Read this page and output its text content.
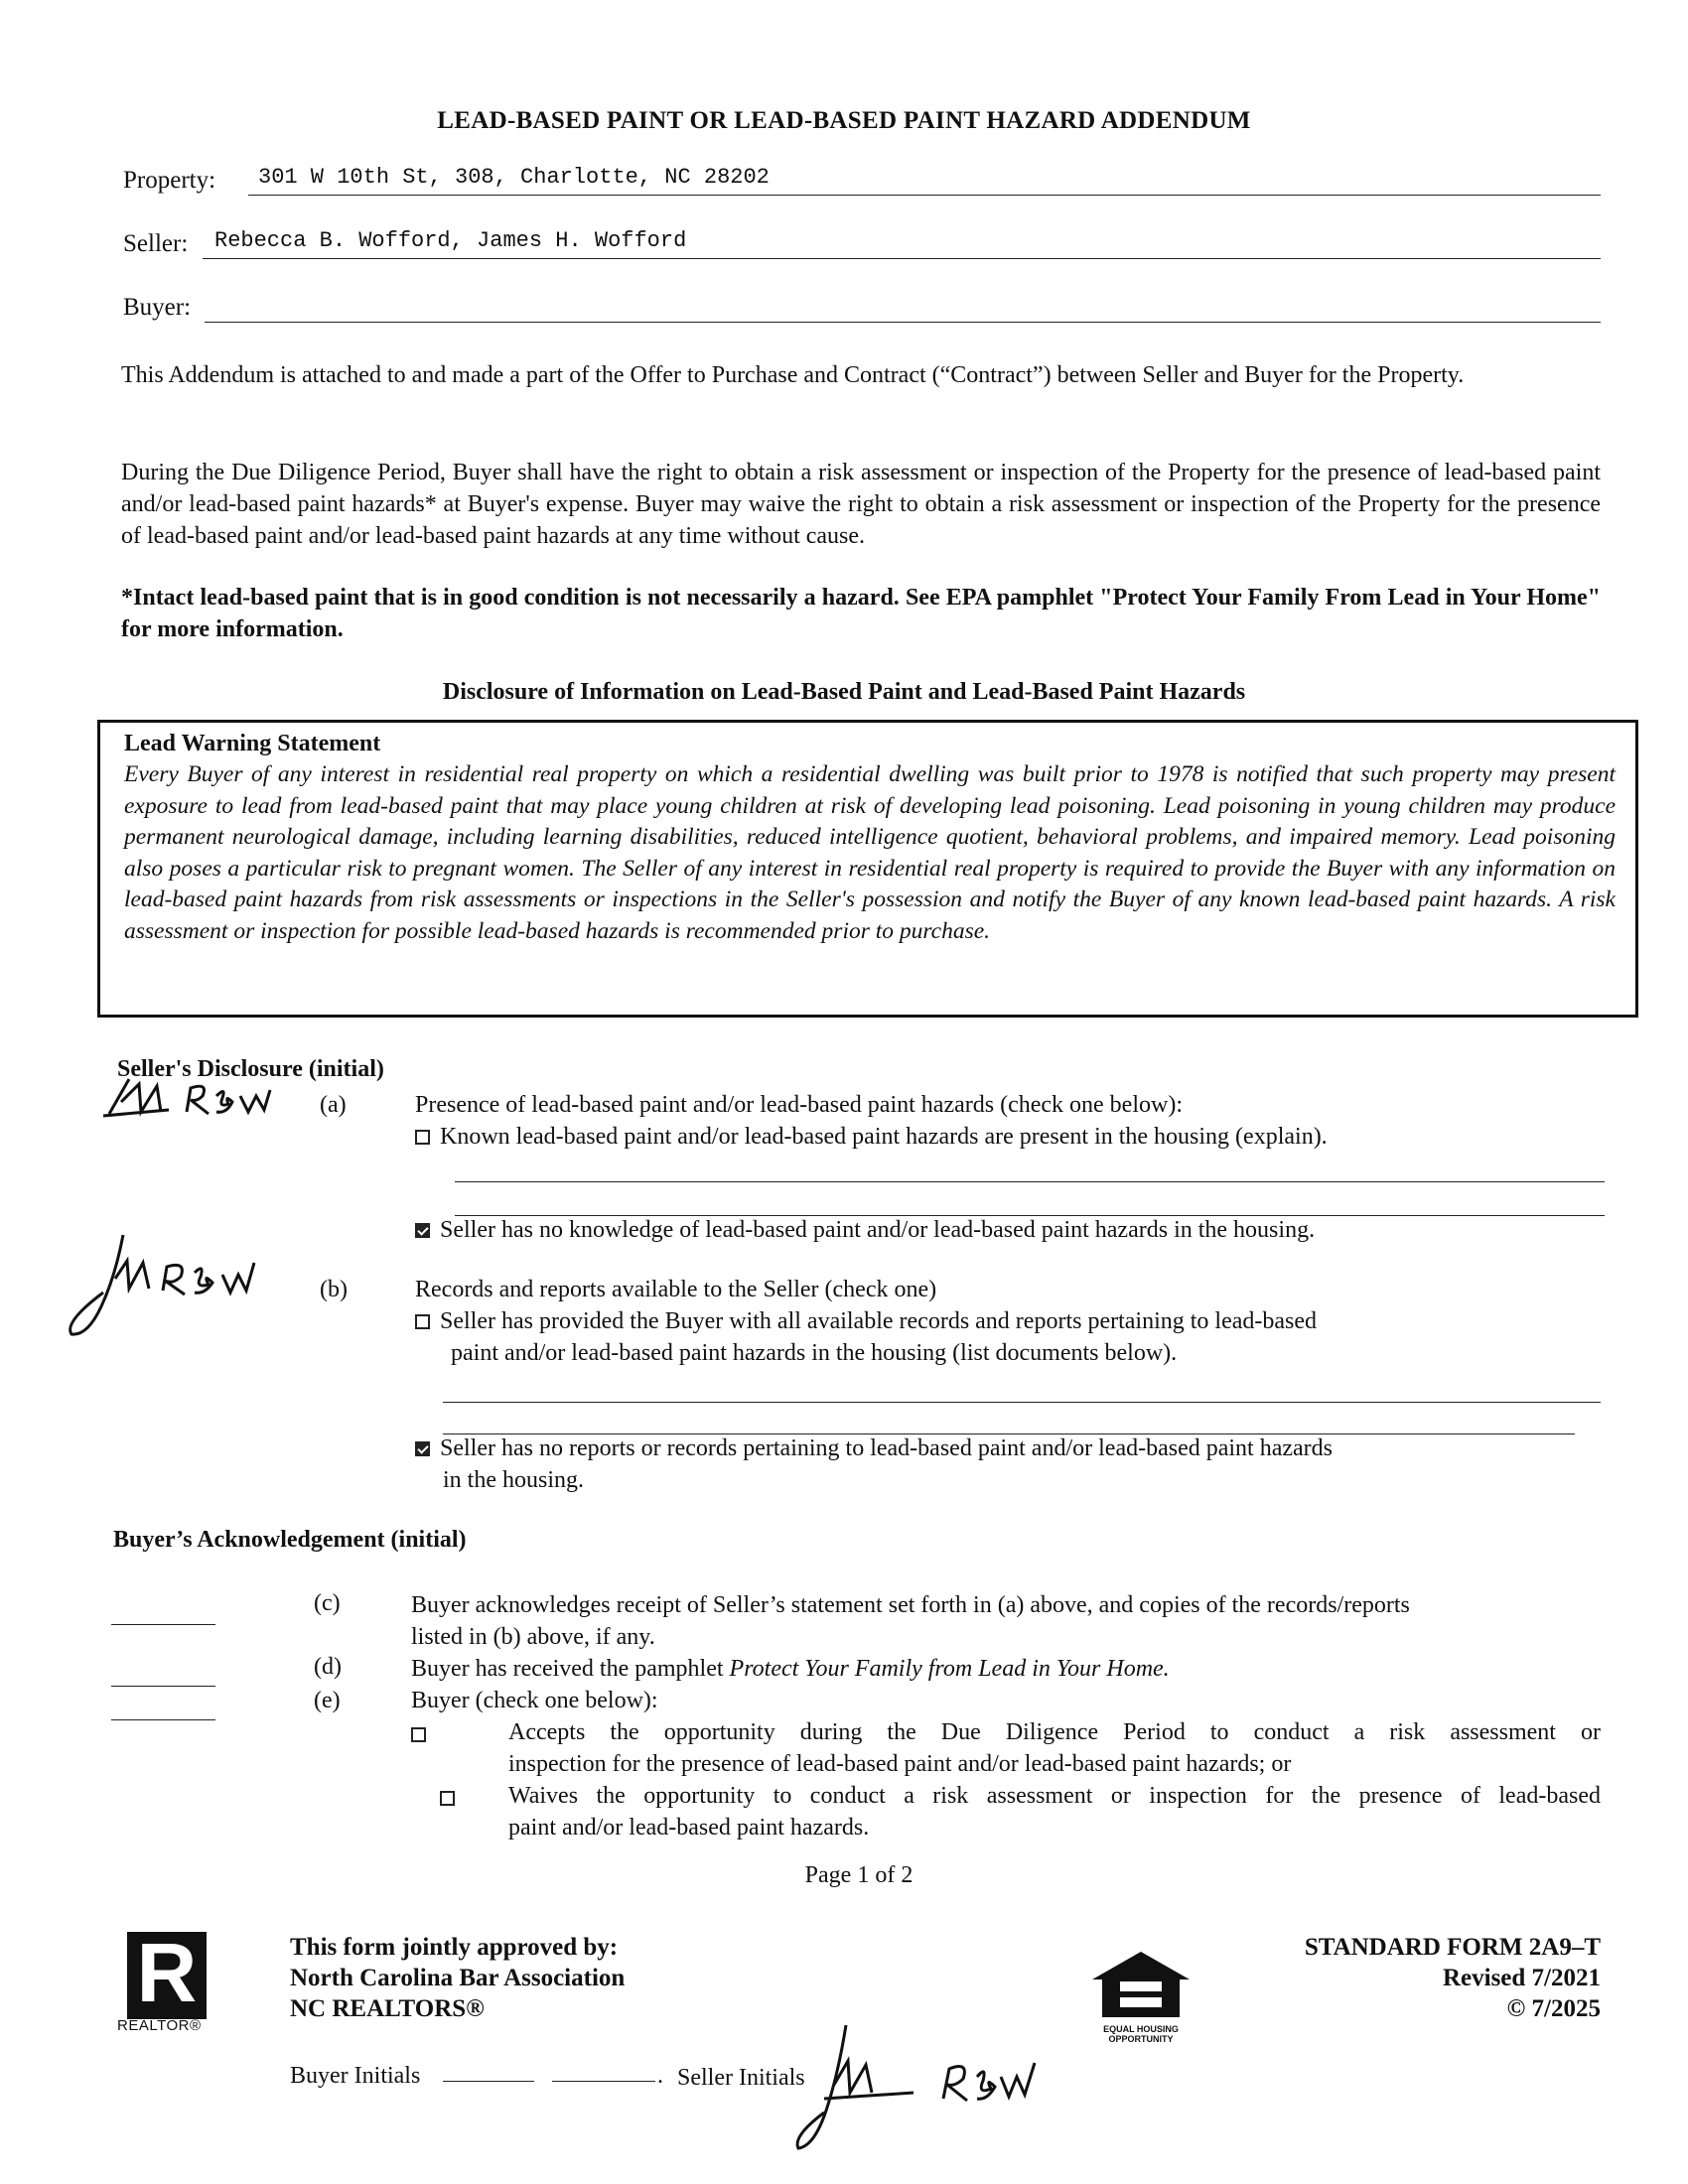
LEAD-BASED PAINT OR LEAD-BASED PAINT HAZARD ADDENDUM
Property: 301 W 10th St, 308, Charlotte, NC 28202
Seller: Rebecca B. Wofford, James H. Wofford
Buyer:
This Addendum is attached to and made a part of the Offer to Purchase and Contract (“Contract”) between Seller and Buyer for the Property.
During the Due Diligence Period, Buyer shall have the right to obtain a risk assessment or inspection of the Property for the presence of lead-based paint and/or lead-based paint hazards* at Buyer's expense. Buyer may waive the right to obtain a risk assessment or inspection of the Property for the presence of lead-based paint and/or lead-based paint hazards at any time without cause.
*Intact lead-based paint that is in good condition is not necessarily a hazard. See EPA pamphlet "Protect Your Family From Lead in Your Home" for more information.
Disclosure of Information on Lead-Based Paint and Lead-Based Paint Hazards
Lead Warning Statement
Every Buyer of any interest in residential real property on which a residential dwelling was built prior to 1978 is notified that such property may present exposure to lead from lead-based paint that may place young children at risk of developing lead poisoning. Lead poisoning in young children may produce permanent neurological damage, including learning disabilities, reduced intelligence quotient, behavioral problems, and impaired memory. Lead poisoning also poses a particular risk to pregnant women. The Seller of any interest in residential real property is required to provide the Buyer with any information on lead-based paint hazards from risk assessments or inspections in the Seller's possession and notify the Buyer of any known lead-based paint hazards. A risk assessment or inspection for possible lead-based hazards is recommended prior to purchase.
Seller's Disclosure (initial)
JHW RBW
(a)	Presence of lead-based paint and/or lead-based paint hazards (check one below):
Known lead-based paint and/or lead-based paint hazards are present in the housing (explain).
Seller has no knowledge of lead-based paint and/or lead-based paint hazards in the housing.
JHW RBW
(b)	Records and reports available to the Seller (check one)
Seller has provided the Buyer with all available records and reports pertaining to lead-based
paint and/or lead-based paint hazards in the housing (list documents below).
Seller has no reports or records pertaining to lead-based paint and/or lead-based paint hazards
in the housing.
Buyer’s Acknowledgement (initial)
(c)	Buyer acknowledges receipt of Seller’s statement set forth in (a) above, and copies of the records/reports
listed in (b) above, if any.
(d)	Buyer has received the pamphlet Protect Your Family from Lead in Your Home.
(e)	Buyer (check one below):

Accepts the opportunity during the Due Diligence Period to conduct a risk assessment or
inspection for the presence of lead-based paint and/or lead-based paint hazards; or
Waives the opportunity to conduct a risk assessment or inspection for the presence of lead-based
paint and/or lead-based paint hazards.
Page 1 of 2
R
REALTOR®
This form jointly approved by:
North Carolina Bar Association
NC REALTORS®
EQUAL HOUSING
OPPORTUNITY
STANDARD FORM 2A9–T
Revised 7/2021
© 7/2025
Buyer Initials	. Seller Initials
JHW RBW
